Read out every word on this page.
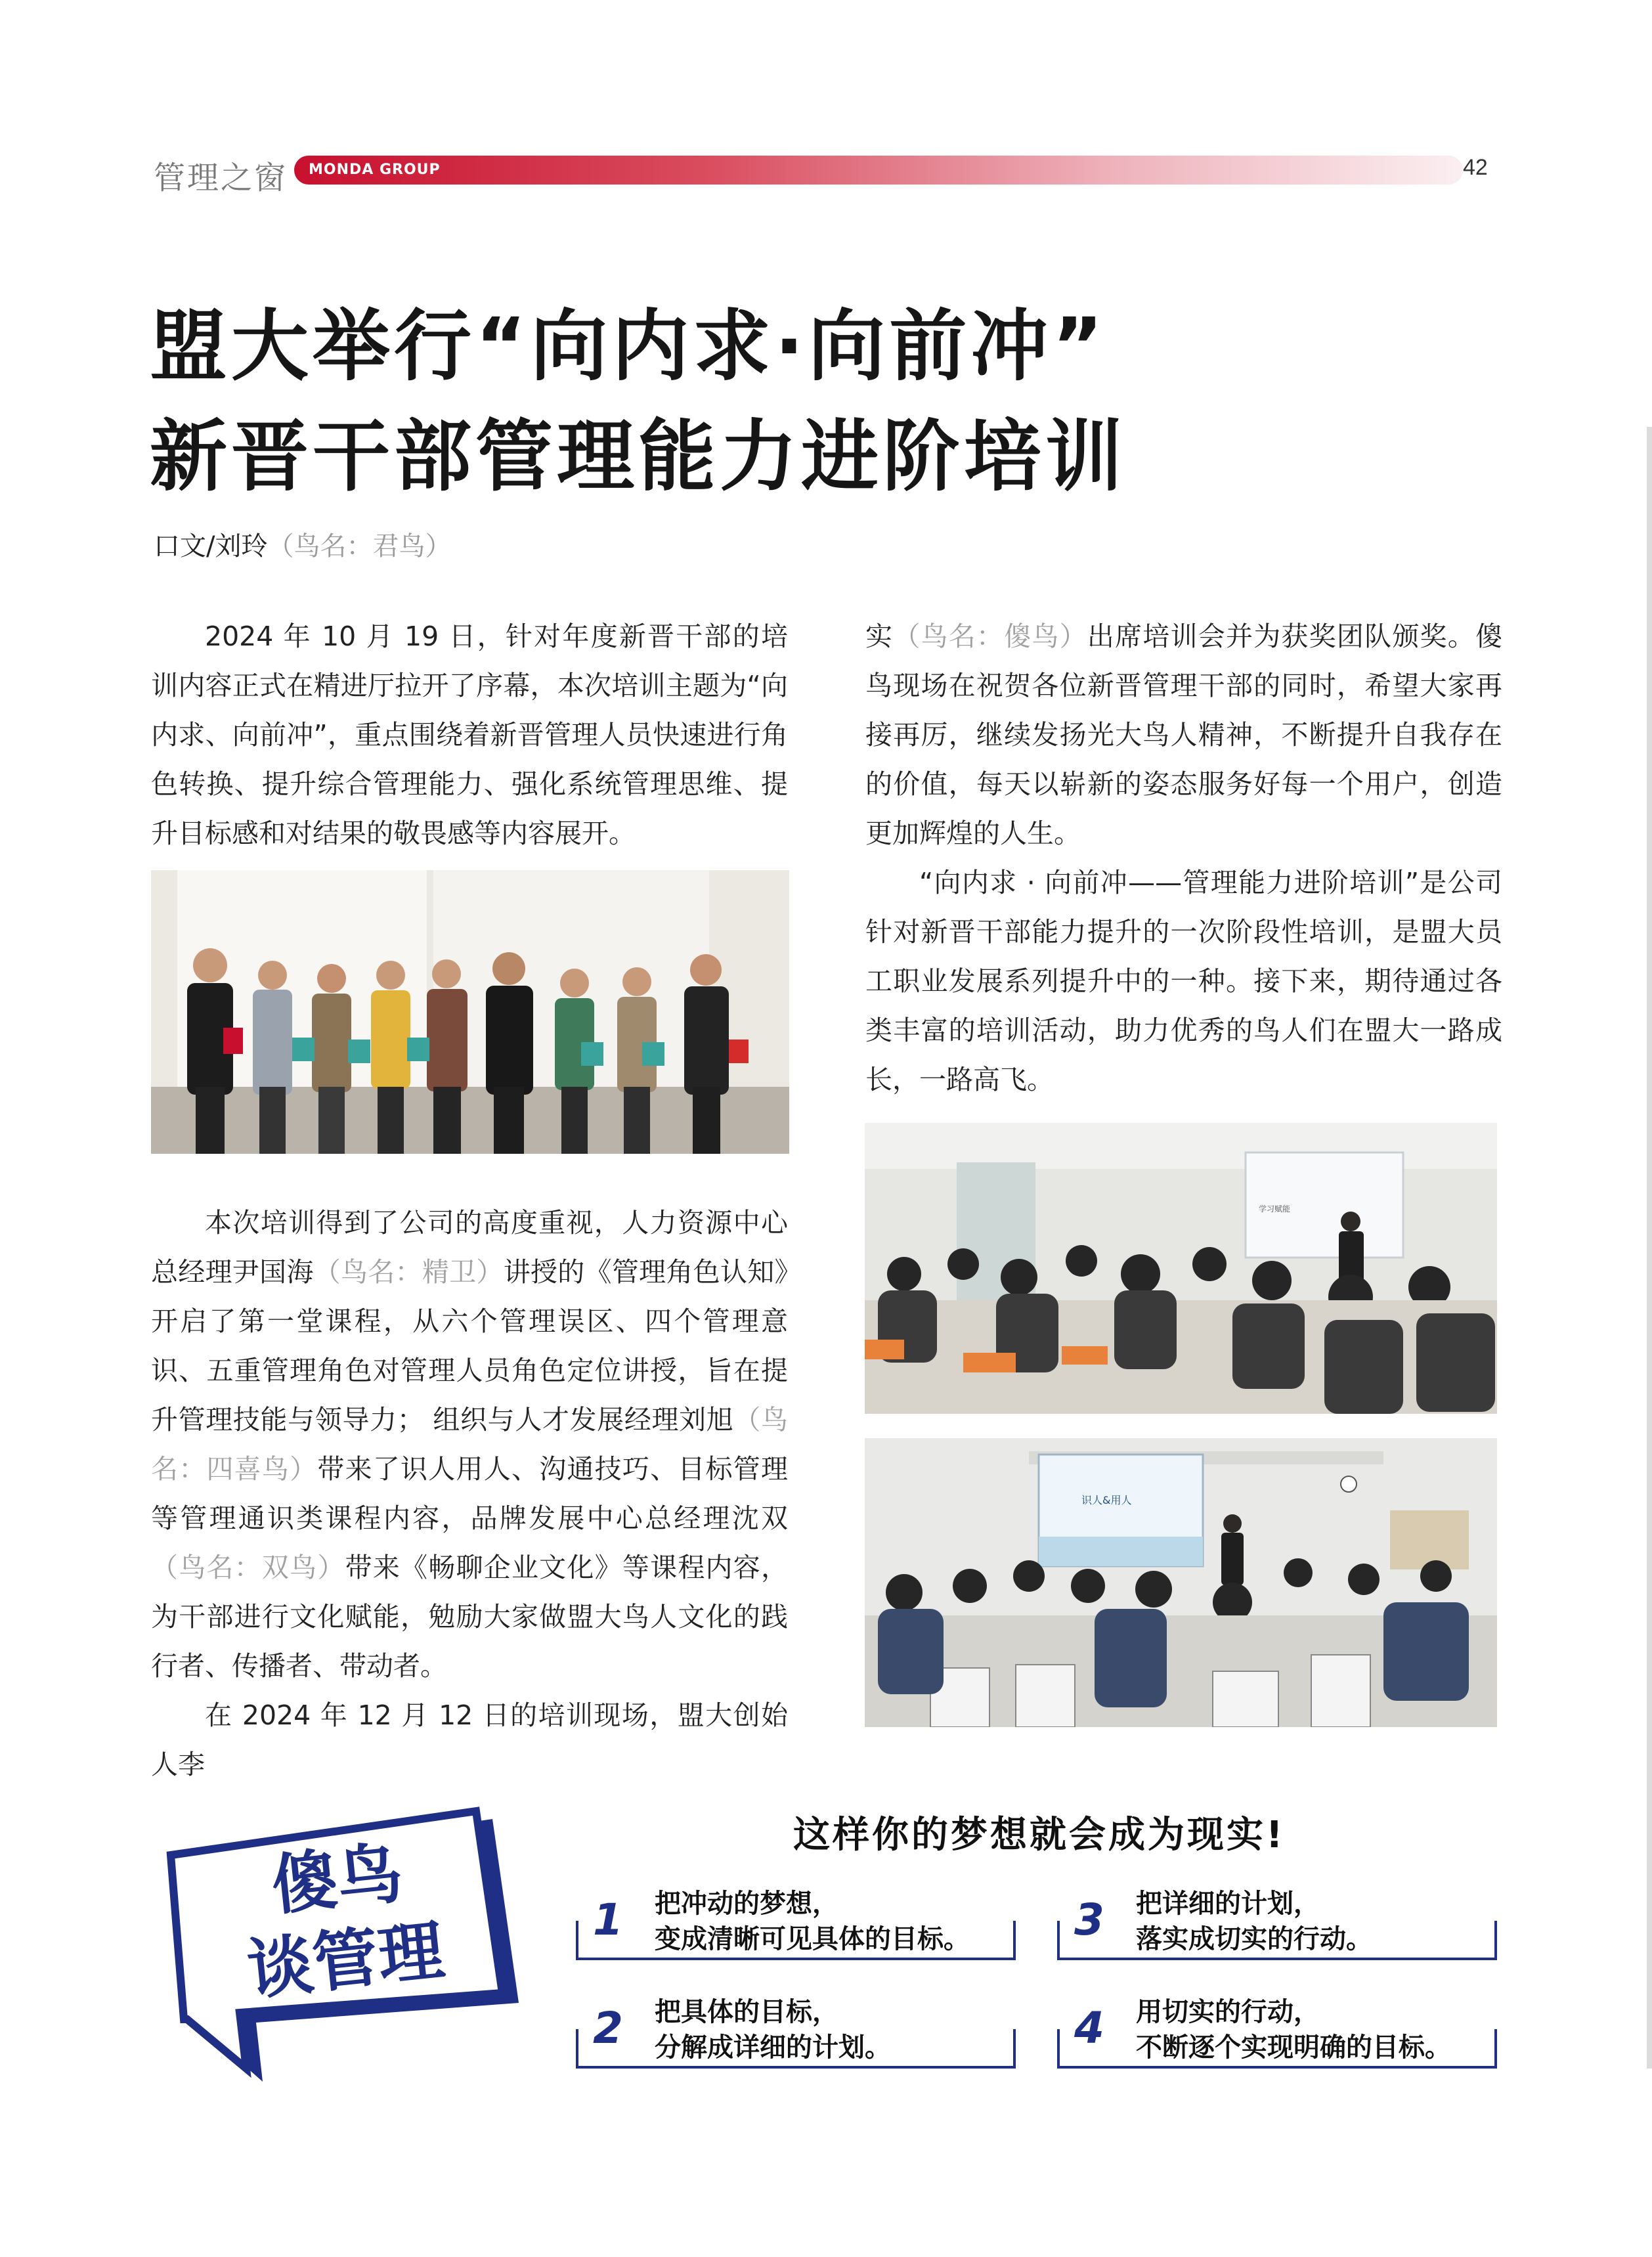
管理之窗 MONDA GROUP	42
盟大举行“向内求·向前冲”
新晋干部管理能力进阶培训
口文/刘玲（鸟名：君鸟）

2024 年 10 月 19 日，针对年度新晋干部的培训内容正式在精进厅拉开了序幕，本次培训主题为“向内求、向前冲”，重点围绕着新晋管理人员快速进行角色转换、提升综合管理能力、强化系统管理思维、提升目标感和对结果的敬畏感等内容展开。

本次培训得到了公司的高度重视，人力资源中心总经理尹国海（鸟名：精卫）讲授的《管理角色认知》开启了第一堂课程，从六个管理误区、四个管理意识、五重管理角色对管理人员角色定位讲授，旨在提升管理技能与领导力； 组织与人才发展经理刘旭（鸟名：四喜鸟）带来了识人用人、沟通技巧、目标管理等管理通识类课程内容，品牌发展中心总经理沈双（鸟名：双鸟）带来《畅聊企业文化》等课程内容，为干部进行文化赋能，勉励大家做盟大鸟人文化的践行者、传播者、带动者。

在 2024 年 12 月 12 日的培训现场，盟大创始人李

实（鸟名：傻鸟）出席培训会并为获奖团队颁奖。傻鸟现场在祝贺各位新晋管理干部的同时，希望大家再接再厉，继续发扬光大鸟人精神，不断提升自我存在的价值，每天以崭新的姿态服务好每一个用户，创造更加辉煌的人生。

“向内求 · 向前冲——管理能力进阶培训”是公司针对新晋干部能力提升的一次阶段性培训，是盟大员工职业发展系列提升中的一种。接下来，期待通过各类丰富的培训活动，助力优秀的鸟人们在盟大一路成长，一路高飞。

学习赋能
识人&用人
傻鸟
谈管理
这样你的梦想就会成为现实!
1 把冲动的梦想，
变成清晰可见具体的目标。
2 把具体的目标，
分解成详细的计划。
3 把详细的计划，
落实成切实的行动。
4 用切实的行动，
不断逐个实现明确的目标。
